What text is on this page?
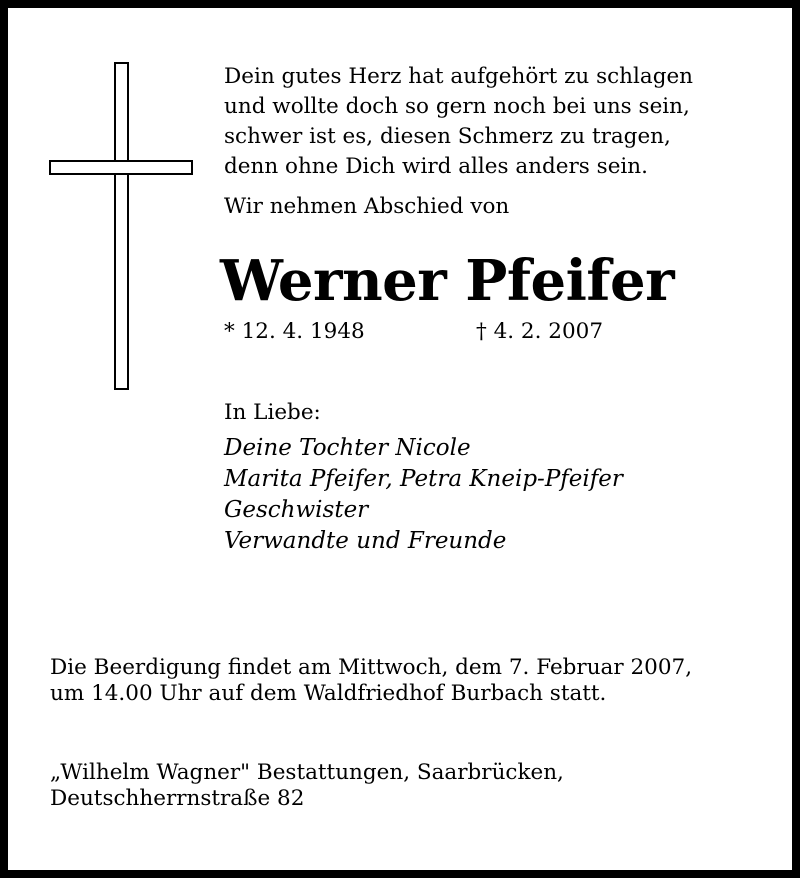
Dein gutes Herz hat aufgehört zu schlagen
und wollte doch so gern noch bei uns sein,
schwer ist es, diesen Schmerz zu tragen,
denn ohne Dich wird alles anders sein.
Wir nehmen Abschied von
Werner Pfeifer
* 12. 4. 1948	† 4. 2. 2007
In Liebe:
Deine Tochter Nicole
Marita Pfeifer, Petra Kneip-Pfeifer
Geschwister
Verwandte und Freunde
Die Beerdigung findet am Mittwoch, dem 7. Februar 2007,
um 14.00 Uhr auf dem Waldfriedhof Burbach statt.
„Wilhelm Wagner" Bestattungen, Saarbrücken,
Deutschherrnstraße 82
